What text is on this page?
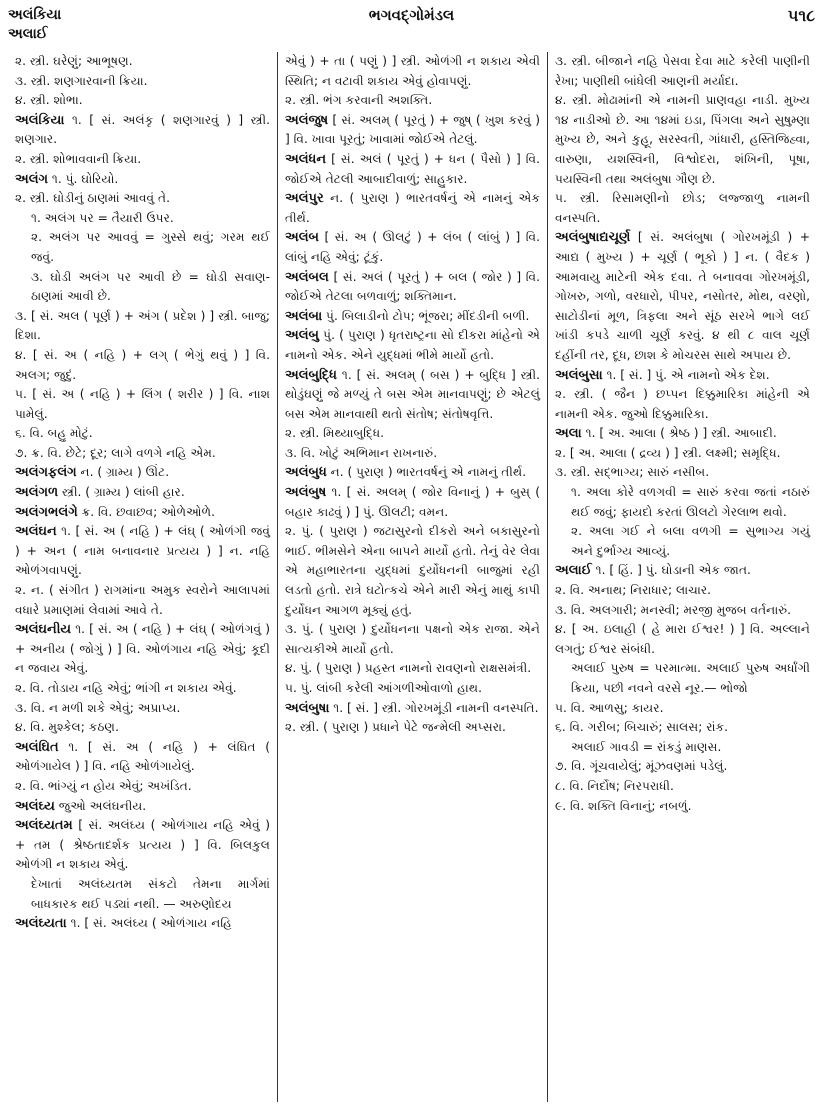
અલંકિયા
અલાઈ
ભગવદ્ગોમંડલ	૫૧૮

૨. સ્ત્રી. ઘરેણું; આભૂષણ.

૩. સ્ત્રી. શણગારવાની ક્રિયા.

૪. સ્ત્રી. શોભા.

અલંકિયા ૧. [ સં. અલંકૃ ( શણગારવું ) ] સ્ત્રી. શણગાર.

૨. સ્ત્રી. શોભાવવાની ક્રિયા.

અલંગ ૧. પું. ઘોરિયો.

૨. સ્ત્રી. ઘોડીનું ઠાણમાં આવવું તે.

૧. અલંગ પર = તૈયારી ઉપર.

૨. અલંગ પર આવવું = ગુસ્સે થવું; ગરમ થઈ જવું.

૩. ઘોડી અલંગ પર આવી છે = ઘોડી સવાણ-ઠાણમાં આવી છે.

૩. [ સં. અલ ( પૂર્ણ ) + અંગ ( પ્રદેશ ) ] સ્ત્રી. બાજુ; દિશા.

૪. [ સં. અ ( નહિ ) + લગ્ ( ભેગું થવું ) ] વિ. અલગ; જુદું.

૫. [ સં. અ ( નહિ ) + લિંગ ( શરીર ) ] વિ. નાશ પામેલું.

૬. વિ. બહુ મોટું.

૭. ક્ર. વિ. છેટે; દૂર; લાગે વળગે નહિ એમ.

અલંગફલંગ ન. ( ગ્રામ્ય ) ઊંટ.

અલંગળ સ્ત્રી. ( ગ્રામ્ય ) લાંબી હાર.

અલંગભલંગે ક્ર. વિ. છવાછવ; ઓળેઓળે.

અલંઘન ૧. [ સં. અ ( નહિ ) + લંઘ્ ( ઓળંગી જવું ) + અન ( નામ બનાવનાર પ્રત્યય ) ] ન. નહિ ઓળંગવાપણું.

૨. ન. ( સંગીત ) રાગમાંના અમુક સ્વરોને આલાપમાં વધારે પ્રમાણમાં લેવામાં આવે તે.

અલંઘનીય ૧. [ સં. અ ( નહિ ) + લંઘ્ ( ઓળંગવું ) + અનીય ( જોગું ) ] વિ. ઓળંગાય નહિ એવું; કૂદી ન જવાય એવું.

૨. વિ. તોડાય નહિ એવું; ભાંગી ન શકાય એવું.

૩. વિ. ન મળી શકે એવું; અપ્રાપ્ય.

૪. વિ. મુશ્કેલ; કઠણ.

અલંઘિત ૧. [ સં. અ ( નહિ ) + લંઘિત ( ઓળંગાયેલ ) ] વિ. નહિ ઓળંગાયેલું.

૨. વિ. ભાંગ્યું ન હોય એવું; અખંડિત.

અલંઘ્ય જુઓ અલંઘનીય.

અલંઘ્યતમ [ સં. અલંઘ્ય ( ઓળંગાય નહિ એવું ) + તમ ( શ્રેષ્ઠતાદર્શક પ્રત્યય ) ] વિ. બિલકુલ ઓળંગી ન શકાય એવું.

દેખાતાં અલંઘ્યતમ સંકટો તેમના માર્ગમાં બાધકારક થઈ પડ્યાં નથી. — અરુણોદય

અલંઘ્યતા ૧. [ સં. અલંઘ્ય ( ઓળંગાય નહિ

એવું ) + તા ( પણું ) ] સ્ત્રી. ઓળંગી ન શકાય એવી સ્થિતિ; ન વટાવી શકાય એવું હોવાપણું.

૨. સ્ત્રી. ભંગ કરવાની અશક્તિ.

અલંજુષ [ સં. અલમ્ ( પૂરતું ) + જુષ્ ( ખુશ કરવું ) ] વિ. ખાવા પૂરતું; ખાવામાં જોઈએ તેટલું.

અલંધન [ સં. અલં ( પૂરતું ) + ધન ( પૈસો ) ] વિ. જોઈએ તેટલી આબાદીવાળું; સાહુકાર.

અલંપુર ન. ( પુરાણ ) ભારતવર્ષનું એ નામનું એક તીર્થ.

અલંબ [ સં. અ ( ઊલટું ) + લંબ ( લાંબું ) ] વિ. લાંબું નહિ એવું; ટૂંકું.

અલંબલ [ સં. અલં ( પૂરતું ) + બલ ( જોર ) ] વિ. જોઈએ તેટલા બળવાળું; શક્તિમાન.

અલંબા પું. બિલાડીનો ટોપ; ભૂંજરા; મીંદડીની બળી.

અલંબુ પું. ( પુરાણ ) ધૃતરાષ્ટ્રના સો દીકરા માંહેનો એ નામનો એક. એને યુદ્ધમાં ભીમે માર્યો હતો.

અલંબુદ્ધિ ૧. [ સં. અલમ્ ( બસ ) + બુદ્ધિ ] સ્ત્રી. થોડુંઘણું જે મળ્યું તે બસ એમ માનવાપણું; છે એટલું બસ એમ માનવાથી થતો સંતોષ; સંતોષવૃત્તિ.

૨. સ્ત્રી. મિથ્યાબુદ્ધિ.

૩. વિ. ખોટું અભિમાન રાખનારું.

અલંબુધ ન. ( પુરાણ ) ભારતવર્ષનું એ નામનું તીર્થ.

અલંબુષ ૧. [ સં. અલમ્ ( જોર વિનાનું ) + બુસ્ ( બહાર કાઢવું ) ] પું. ઊલટી; વમન.

૨. પું. ( પુરાણ ) જટાસુરનો દીકરો અને બકાસુરનો ભાઈ. ભીમસેને એના બાપને માર્યો હતો. તેનું વેર લેવા એ મહાભારતના યુદ્ધમાં દુર્યોધનની બાજુમાં રહી લડતો હતો. રાત્રે ઘટોત્કચે એને મારી એનું માથું કાપી દુર્યોધન આગળ મૂક્યું હતું.

૩. પું. ( પુરાણ ) દુર્યોધનના પક્ષનો એક રાજા. એને સાત્યકીએ માર્યો હતો.

૪. પું. ( પુરાણ ) પ્રહસ્ત નામનો રાવણનો રાક્ષસમંત્રી.

૫. પું. લાંબી કરેલી આંગળીઓવાળો હાથ.

અલંબુષા ૧. [ સં. ] સ્ત્રી. ગોરખમૂંડી નામની વનસ્પતિ.

૨. સ્ત્રી. ( પુરાણ ) પ્રધાને પેટે જન્મેલી અપ્સરા.

૩. સ્ત્રી. બીજાને નહિ પેસવા દેવા માટે કરેલી પાણીની રેખા; પાણીથી બાંધેલી આણની મર્યાદા.

૪. સ્ત્રી. મોઢામાંની એ નામની પ્રાણવહા નાડી. મુખ્ય ૧૪ નાડીઓ છે. આ ૧૪માં ઇડા, પિંગલા અને સુષુમ્ણા મુખ્ય છે, અને કુહૂ, સરસ્વતી, ગાંધારી, હસ્તિજિહ્વા, વારુણા, યશસ્વિની, વિશ્વોદરા, શંખિની, પૂષા, પયસ્વિની તથા અલંબુષા ગૌણ છે.

૫. સ્ત્રી. રિસામણીનો છોડ; લજ્જાળુ નામની વનસ્પતિ.

અલંબુષાદ્યચૂર્ણ [ સં. અલંબુષા ( ગોરખમૂંડી ) + આદ્ય ( મુખ્ય ) + ચૂર્ણ ( ભૂકો ) ] ન. ( વૈદક ) આમવાયુ માટેની એક દવા. તે બનાવવા ગોરખમૂંડી, ગોખરુ, ગળો, વરધારો, પીપર, નસોતર, મોથ, વરણો, સાટોડીનાં મૂળ, ત્રિફલા અને સૂંઠ સરખે ભાગે લઈ ખાંડી કપડે ચાળી ચૂર્ણ કરવું. ૪ થી ૮ વાલ ચૂર્ણ દહીંની તર, દૂધ, છાશ કે મોચરસ સાથે અપાય છે.

અલંબુસા ૧. [ સં. ] પું. એ નામનો એક દેશ.

૨. સ્ત્રી. ( જૈન ) છપ્પન દિક્કુમારિકા માંહેની એ નામની એક. જુઓ દિક્કુમારિકા.

અલા ૧. [ અ. આલા ( શ્રેષ્ઠ ) ] સ્ત્રી. આબાદી.

૨. [ અ. આલા ( દ્રવ્ય ) ] સ્ત્રી. લક્ષ્મી; સમૃદ્ધિ.

૩. સ્ત્રી. સદ્ભાગ્ય; સારું નસીબ.

૧. અલા કોરે વળગવી = સારું કરવા જતાં નઠારું થઈ જવું; ફાયદો કરતાં ઊલટો ગેરલાભ થવો.

૨. અલા ગઈ ને બલા વળગી = સુભાગ્ય ગયું અને દુર્ભાગ્ય આવ્યું.

અલાઈ ૧. [ હિં. ] પું. ઘોડાની એક જાત.

૨. વિ. અનાથ; નિરાધાર; લાચાર.

૩. વિ. અલગારી; મનસ્વી; મરજી મુજબ વર્તનારું.

૪. [ અ. ઇલાહી ( હે મારા ઈશ્વર! ) ] વિ. અલ્લાને લગતું; ઈશ્વર સંબંધી.

અલાઈ પુરુષ = પરમાત્મા. અલાઈ પુરુષ અર્ધાંગી ક્રિયા, પછી નવને વરસે નૂર.— ભોજો

૫. વિ. આળસુ; કાયર.

૬. વિ. ગરીબ; બિચારું; સાલસ; રાંક.

અલાઈ ગાવડી = રાંકડું માણસ.

૭. વિ. ગૂંચવાયેલું; મૂંઝવણમાં પડેલું.

૮. વિ. નિર્દોષ; નિરપરાધી.

૯. વિ. શક્તિ વિનાનું; નબળું.
